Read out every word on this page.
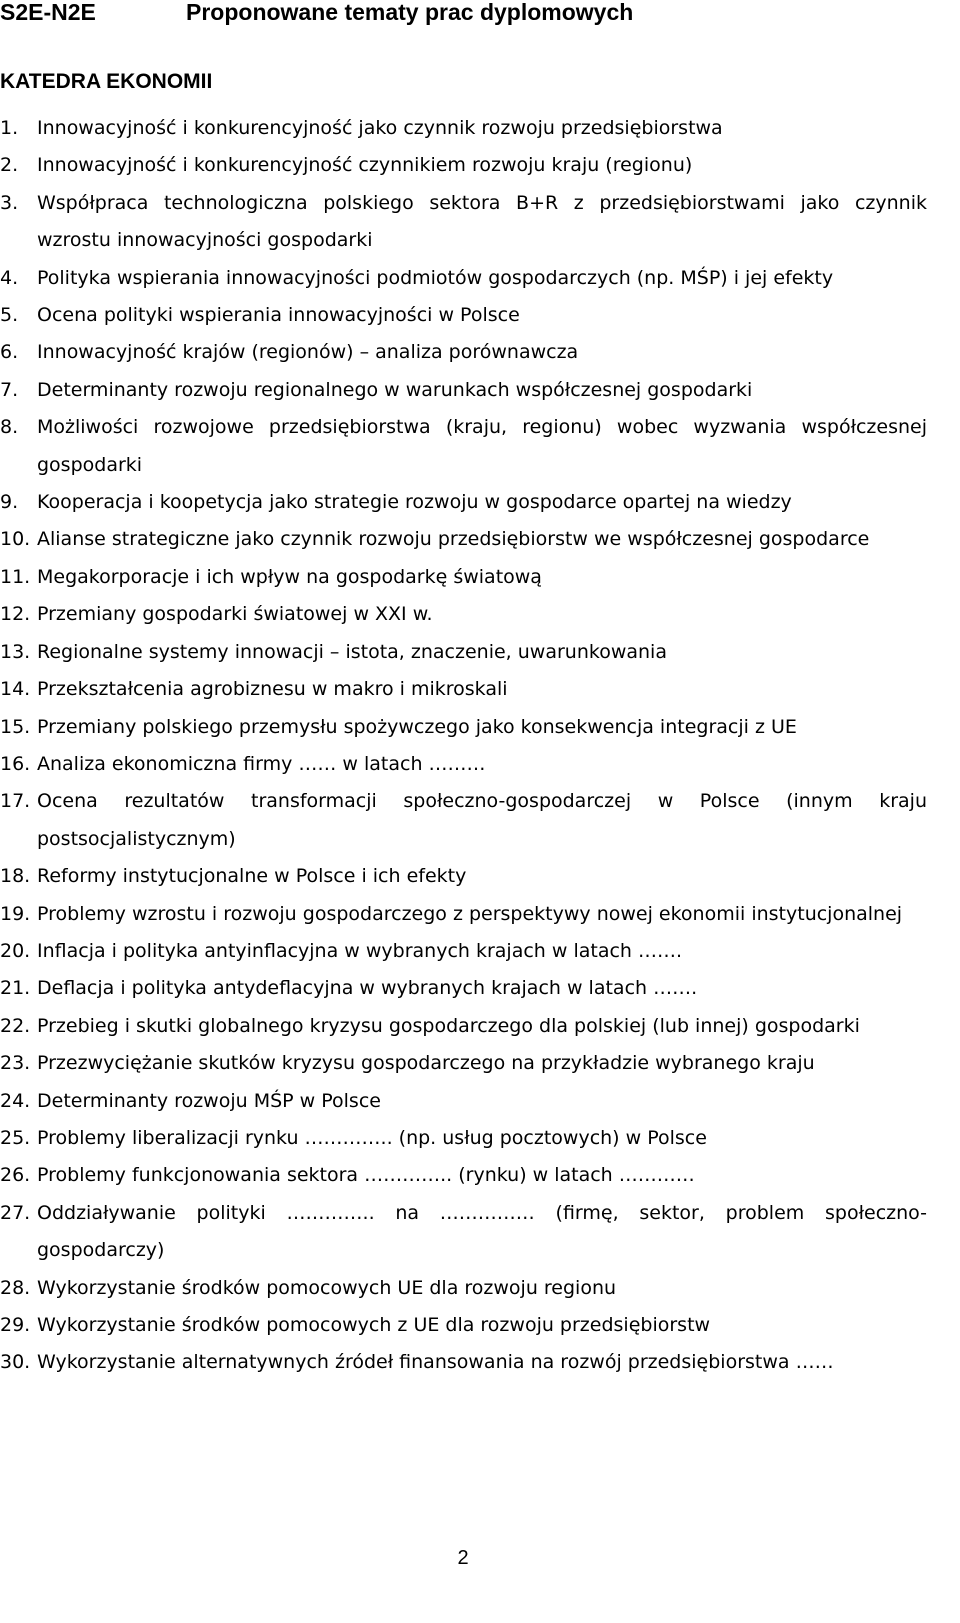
S2E-N2E	Proponowane tematy prac dyplomowych
KATEDRA EKONOMII
1. Innowacyjność i konkurencyjność jako czynnik rozwoju przedsiębiorstwa
2. Innowacyjność i konkurencyjność czynnikiem rozwoju kraju (regionu)
3. Współpraca technologiczna polskiego sektora B+R z przedsiębiorstwami jako czynnik wzrostu innowacyjności gospodarki
4. Polityka wspierania innowacyjności podmiotów gospodarczych (np. MŚP) i jej efekty
5. Ocena polityki wspierania innowacyjności w Polsce
6. Innowacyjność krajów (regionów) – analiza porównawcza
7. Determinanty rozwoju regionalnego w warunkach współczesnej gospodarki
8. Możliwości rozwojowe przedsiębiorstwa (kraju, regionu) wobec wyzwania współczesnej gospodarki
9. Kooperacja i koopetycja jako strategie rozwoju w gospodarce opartej na wiedzy
10. Alianse strategiczne jako czynnik rozwoju przedsiębiorstw we współczesnej gospodarce
11. Megakorporacje i ich wpływ na gospodarkę światową
12. Przemiany gospodarki światowej w XXI w.
13. Regionalne systemy innowacji – istota, znaczenie, uwarunkowania
14. Przekształcenia agrobiznesu w makro i mikroskali
15. Przemiany polskiego przemysłu spożywczego jako konsekwencja integracji z UE
16. Analiza ekonomiczna firmy …… w latach ………
17. Ocena rezultatów transformacji społeczno-gospodarczej w Polsce (innym kraju postsocjalistycznym)
18. Reformy instytucjonalne w Polsce i ich efekty
19. Problemy wzrostu i rozwoju gospodarczego z perspektywy nowej ekonomii instytucjonalnej
20. Inflacja i polityka antyinflacyjna w wybranych krajach w latach …….
21. Deflacja i polityka antydeflacyjna w wybranych krajach w latach …….
22. Przebieg i skutki globalnego kryzysu gospodarczego dla polskiej (lub innej) gospodarki
23. Przezwyciężanie skutków kryzysu gospodarczego na przykładzie wybranego kraju
24. Determinanty rozwoju MŚP w Polsce
25. Problemy liberalizacji rynku ………….. (np. usług pocztowych) w Polsce
26. Problemy funkcjonowania sektora ………….. (rynku) w latach …………
27. Oddziaływanie polityki ………….. na …………… (firmę, sektor, problem społeczno-gospodarczy)
28. Wykorzystanie środków pomocowych UE dla rozwoju regionu
29. Wykorzystanie środków pomocowych z UE dla rozwoju przedsiębiorstw
30. Wykorzystanie alternatywnych źródeł finansowania na rozwój przedsiębiorstwa ……
2
